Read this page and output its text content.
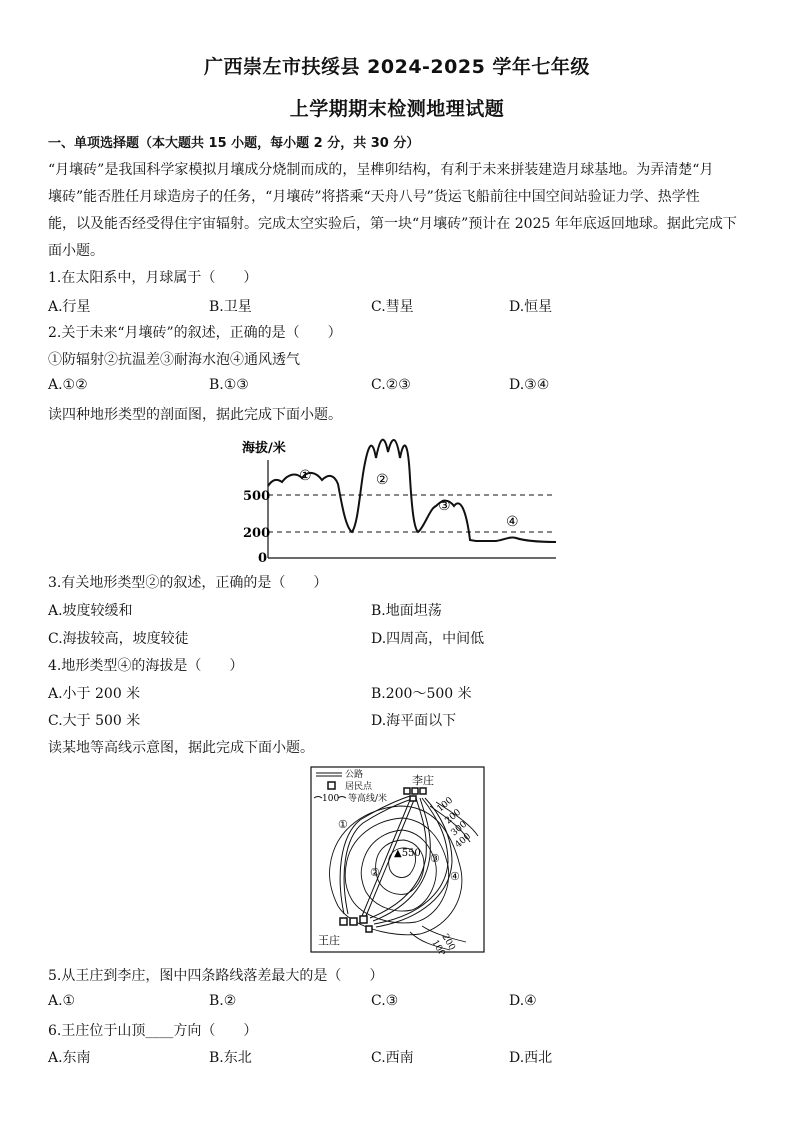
广西崇左市扶绥县 2024-2025 学年七年级
上学期期末检测地理试题
一、单项选择题（本大题共 15 小题，每小题 2 分，共 30 分）
“月壤砖”是我国科学家模拟月壤成分烧制而成的，呈榫卯结构，有利于未来拼装建造月球基地。为弄清楚“月
壤砖”能否胜任月球造房子的任务，“月壤砖”将搭乘“天舟八号”货运飞船前往中国空间站验证力学、热学性
能，以及能否经受得住宇宙辐射。完成太空实验后，第一块“月壤砖”预计在 2025 年年底返回地球。据此完成下
面小题。
1.在太阳系中，月球属于（　　）
A.行星	B.卫星	C.彗星	D.恒星
2.关于未来“月壤砖”的叙述，正确的是（　　）
①防辐射②抗温差③耐海水泡④通风透气
A.①②	B.①③	C.②③	D.③④
读四种地形类型的剖面图，据此完成下面小题。
海拔/米
500
200
0
①	②
③
④
3.有关地形类型②的叙述，正确的是（　　）
A.坡度较缓和	B.地面坦荡
C.海拔较高，坡度较徒	D.四周高，中间低
4.地形类型④的海拔是（　　）
A.小于 200 米	B.200～500 米
C.大于 500 米	D.海平面以下
读某地等高线示意图，据此完成下面小题。
公路
居民点
100 等高线/米
李庄
王庄
▲550
100
200
300
400
200
100
①
②
③
④
5.从王庄到李庄，图中四条路线落差最大的是（　　）
A.①	B.②	C.③	D.④
6.王庄位于山顶____方向（　　）
A.东南	B.东北	C.西南	D.西北
